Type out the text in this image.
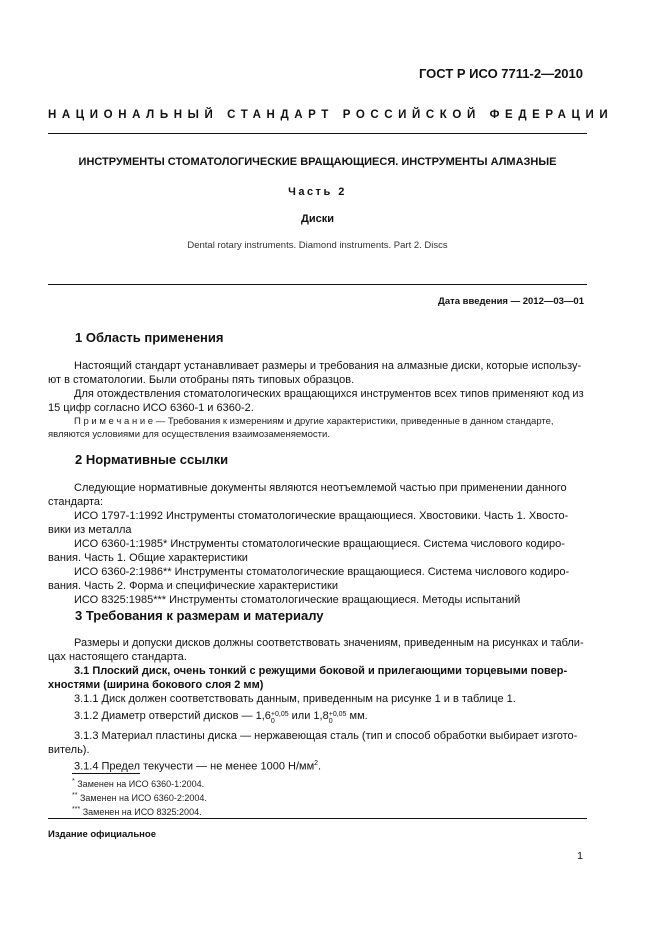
ГОСТ Р ИСО 7711-2—2010
НАЦИОНАЛЬНЫЙ СТАНДАРТ РОССИЙСКОЙ ФЕДЕРАЦИИ
ИНСТРУМЕНТЫ СТОМАТОЛОГИЧЕСКИЕ ВРАЩАЮЩИЕСЯ. ИНСТРУМЕНТЫ АЛМАЗНЫЕ
Часть 2
Диски
Dental rotary instruments. Diamond instruments. Part 2. Discs
Дата введения — 2012—03—01
1 Область применения
Настоящий стандарт устанавливает размеры и требования на алмазные диски, которые использу-
ют в стоматологии. Были отобраны пять типовых образцов.
Для отождествления стоматологических вращающихся инструментов всех типов применяют код из
15 цифр согласно ИСО 6360-1 и 6360-2.
П р и м е ч а н и е — Требования к измерениям и другие характеристики, приведенные в данном стандарте,
являются условиями для осуществления взаимозаменяемости.
2 Нормативные ссылки
Следующие нормативные документы являются неотъемлемой частью при применении данного
стандарта:
ИСО 1797-1:1992 Инструменты стоматологические вращающиеся. Хвостовики. Часть 1. Хвосто-
вики из металла
ИСО 6360-1:1985* Инструменты стоматологические вращающиеся. Система числового кодиро-
вания. Часть 1. Общие характеристики
ИСО 6360-2:1986** Инструменты стоматологические вращающиеся. Система числового кодиро-
вания. Часть 2. Форма и специфические характеристики
ИСО 8325:1985*** Инструменты стоматологические вращающиеся. Методы испытаний
3 Требования к размерам и материалу
Размеры и допуски дисков должны соответствовать значениям, приведенным на рисунках и табли-
цах настоящего стандарта.
3.1 Плоский диск, очень тонкий с режущими боковой и прилегающими торцевыми повер-
хностями (ширина бокового слоя 2 мм)
3.1.1 Диск должен соответствовать данным, приведенным на рисунке 1 и в таблице 1.
3.1.2 Диаметр отверстий дисков — 1,6 +0,05
0	или 1,8 +0,05
0	мм.
3.1.3 Материал пластины диска — нержавеющая сталь (тип и способ обработки выбирает изгото-
витель).
3.1.4 Предел текучести — не менее 1000 $Н/мм^2$.
* Заменен на ИСО 6360-1:2004.
** Заменен на ИСО 6360-2:2004.
*** Заменен на ИСО 8325:2004.
Издание официальное
1
